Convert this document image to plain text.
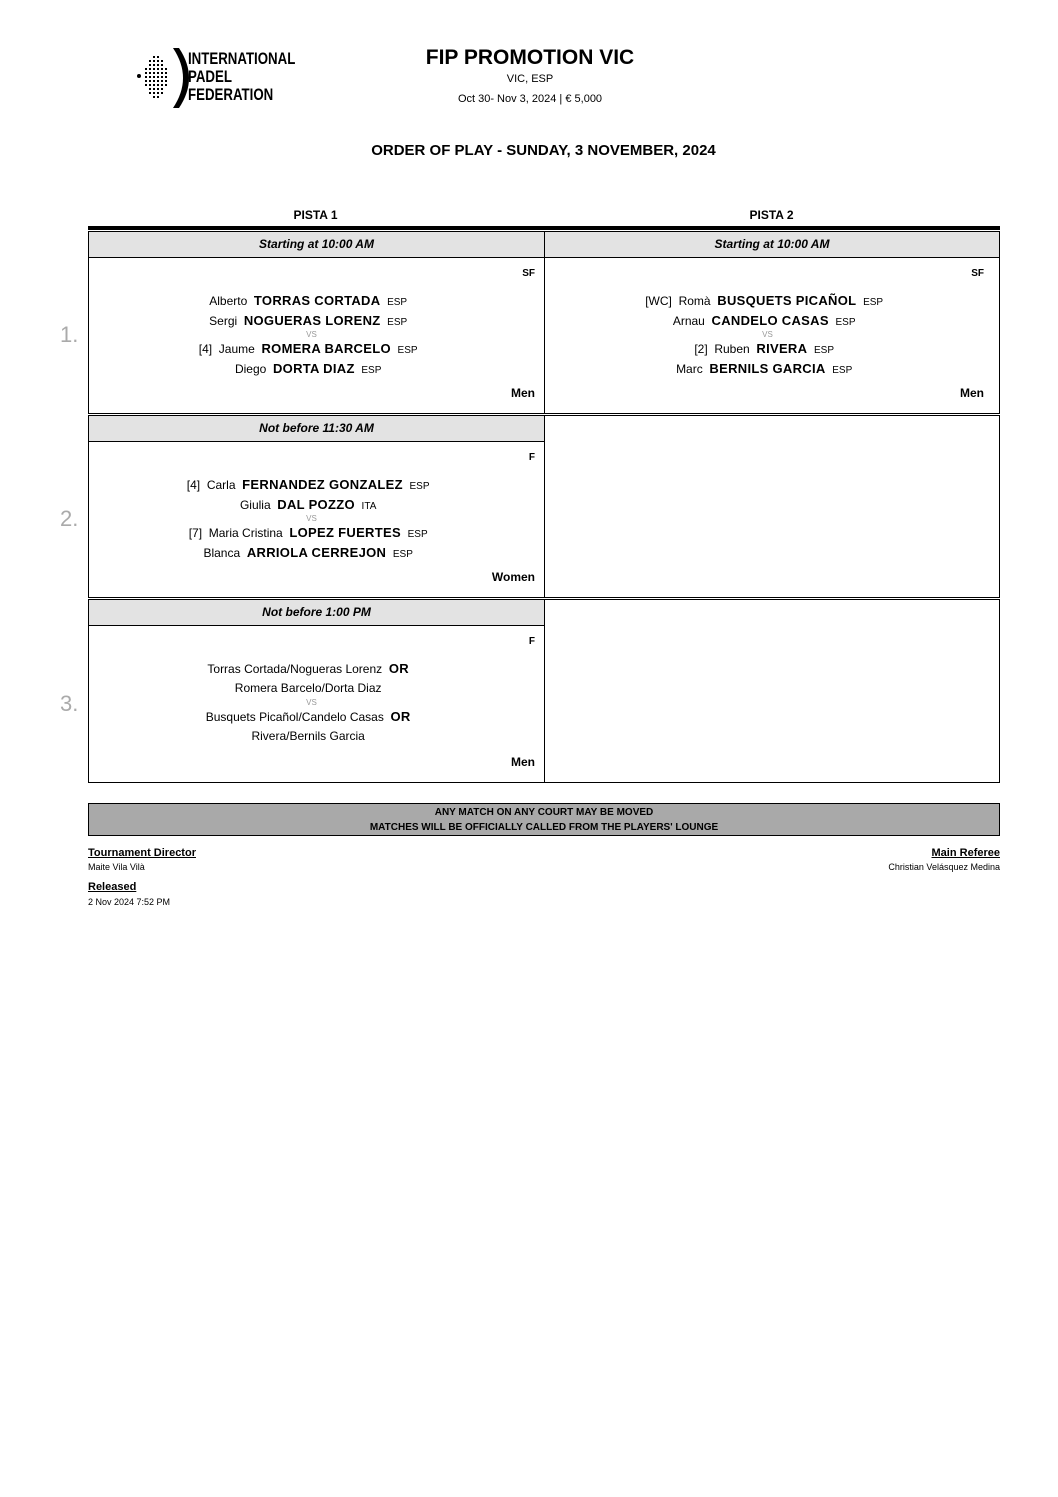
INTERNATIONAL
PADEL
FEDERATION
FIP PROMOTION VIC
VIC, ESP
Oct 30- Nov 3, 2024 | € 5,000
ORDER OF PLAY - SUNDAY, 3 NOVEMBER, 2024
PISTA 1	PISTA 2
1.
Starting at 10:00 AM
SF
Men
Alberto TORRAS CORTADA ESP
Sergi NOGUERAS LORENZ ESP
[4] Jaume ROMERA BARCELO ESP
Diego DORTA DIAZ ESP
VS
Starting at 10:00 AM
SF
Men
[WC] Romà BUSQUETS PICAÑOL ESP
Arnau CANDELO CASAS ESP
[2] Ruben RIVERA ESP
Marc BERNILS GARCIA ESP
VS
2.
Not before 11:30 AM
F
Women
[4] Carla FERNANDEZ GONZALEZ ESP
Giulia DAL POZZO ITA
[7] Maria Cristina LOPEZ FUERTES ESP
Blanca ARRIOLA CERREJON ESP
VS
3.
Not before 1:00 PM
F
Men
Torras Cortada/Nogueras Lorenz OR
Romera Barcelo/Dorta Diaz
Busquets Picañol/Candelo Casas OR
Rivera/Bernils Garcia
VS
ANY MATCH ON ANY COURT MAY BE MOVED
MATCHES WILL BE OFFICIALLY CALLED FROM THE PLAYERS' LOUNGE
Tournament Director
Maite Vila Vilà
Main Referee
Christian Velásquez Medina
Released
2 Nov 2024 7:52 PM
